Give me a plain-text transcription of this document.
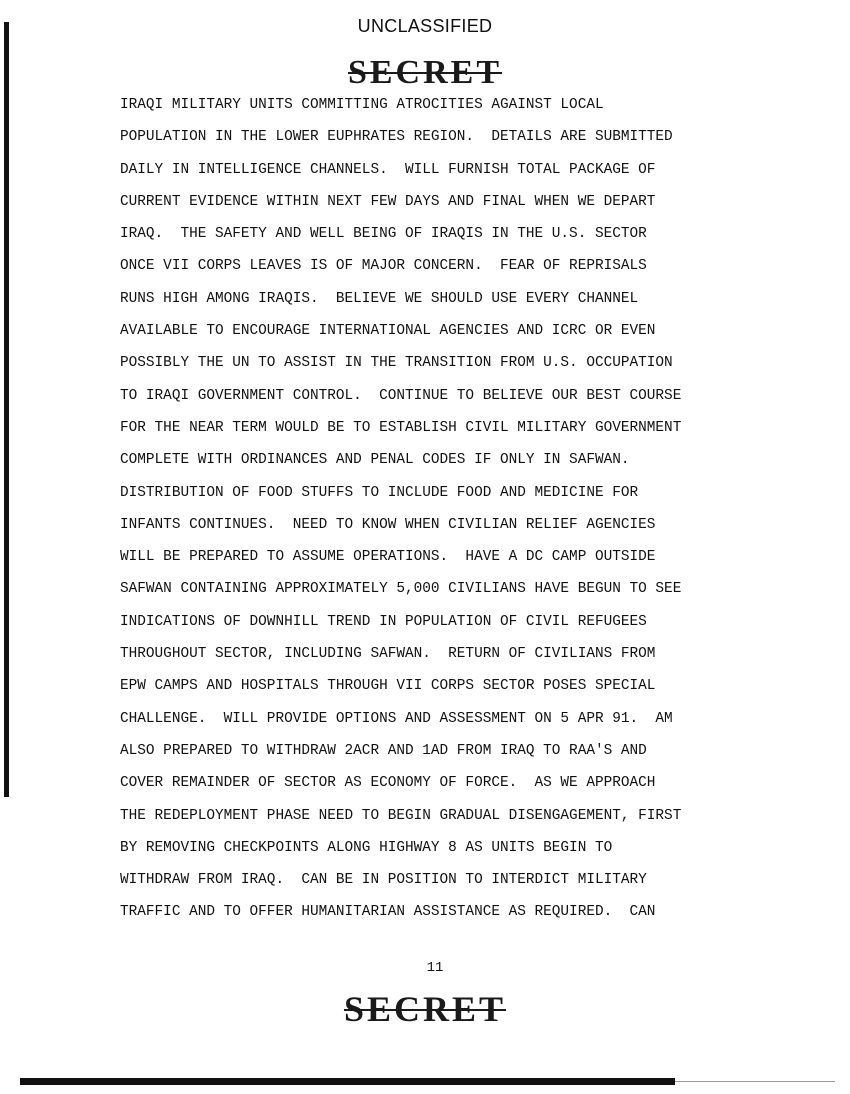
UNCLASSIFIED
SECRET
IRAQI MILITARY UNITS COMMITTING ATROCITIES AGAINST LOCAL
POPULATION IN THE LOWER EUPHRATES REGION.  DETAILS ARE SUBMITTED
DAILY IN INTELLIGENCE CHANNELS.  WILL FURNISH TOTAL PACKAGE OF
CURRENT EVIDENCE WITHIN NEXT FEW DAYS AND FINAL WHEN WE DEPART
IRAQ.  THE SAFETY AND WELL BEING OF IRAQIS IN THE U.S. SECTOR
ONCE VII CORPS LEAVES IS OF MAJOR CONCERN.  FEAR OF REPRISALS
RUNS HIGH AMONG IRAQIS.  BELIEVE WE SHOULD USE EVERY CHANNEL
AVAILABLE TO ENCOURAGE INTERNATIONAL AGENCIES AND ICRC OR EVEN
POSSIBLY THE UN TO ASSIST IN THE TRANSITION FROM U.S. OCCUPATION
TO IRAQI GOVERNMENT CONTROL.  CONTINUE TO BELIEVE OUR BEST COURSE
FOR THE NEAR TERM WOULD BE TO ESTABLISH CIVIL MILITARY GOVERNMENT
COMPLETE WITH ORDINANCES AND PENAL CODES IF ONLY IN SAFWAN.
DISTRIBUTION OF FOOD STUFFS TO INCLUDE FOOD AND MEDICINE FOR
INFANTS CONTINUES.  NEED TO KNOW WHEN CIVILIAN RELIEF AGENCIES
WILL BE PREPARED TO ASSUME OPERATIONS.  HAVE A DC CAMP OUTSIDE
SAFWAN CONTAINING APPROXIMATELY 5,000 CIVILIANS HAVE BEGUN TO SEE
INDICATIONS OF DOWNHILL TREND IN POPULATION OF CIVIL REFUGEES
THROUGHOUT SECTOR, INCLUDING SAFWAN.  RETURN OF CIVILIANS FROM
EPW CAMPS AND HOSPITALS THROUGH VII CORPS SECTOR POSES SPECIAL
CHALLENGE.  WILL PROVIDE OPTIONS AND ASSESSMENT ON 5 APR 91.  AM
ALSO PREPARED TO WITHDRAW 2ACR AND 1AD FROM IRAQ TO RAA'S AND
COVER REMAINDER OF SECTOR AS ECONOMY OF FORCE.  AS WE APPROACH
THE REDEPLOYMENT PHASE NEED TO BEGIN GRADUAL DISENGAGEMENT, FIRST
BY REMOVING CHECKPOINTS ALONG HIGHWAY 8 AS UNITS BEGIN TO
WITHDRAW FROM IRAQ.  CAN BE IN POSITION TO INTERDICT MILITARY
TRAFFIC AND TO OFFER HUMANITARIAN ASSISTANCE AS REQUIRED.  CAN
11
SECRET
